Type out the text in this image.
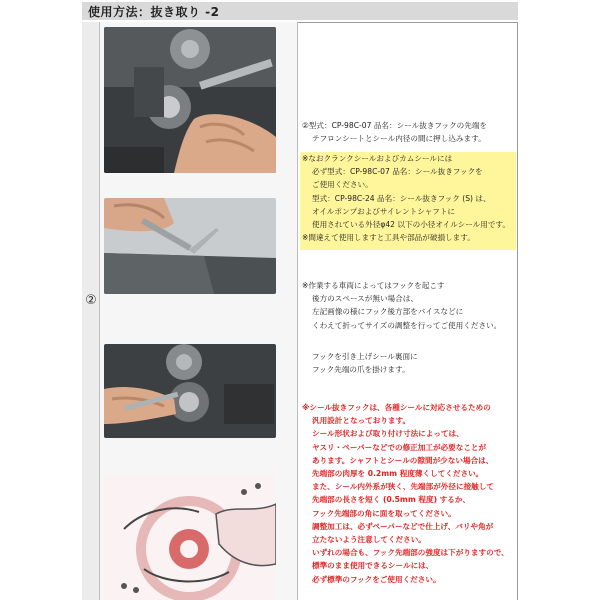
使用方法：抜き取り -2
②
②型式：CP-98C-07 品名：シール抜きフックの先端を
テフロンシートとシール内径の間に押し込みます。
※なおクランクシールおよびカムシールには
必ず型式：CP-98C-07 品名：シール抜きフックを
ご使用ください。
型式：CP-98C-24 品名：シール抜きフック (S) は、
オイルポンプおよびサイレントシャフトに
使用されている外径φ42 以下の小径オイルシール用です。
※間違えて使用しますと工具や部品が破損します。
※作業する車両によってはフックを起こす
後方のスペースが無い場合は、
左記画像の様にフック後方部をバイスなどに
くわえて折ってサイズの調整を行ってご使用ください。
フックを引き上げシール裏面に
フック先端の爪を掛けます。
※シール抜きフックは、各種シールに対応させるための
汎用設計となっております。
シール形状および取り付け寸法によっては、
ヤスリ・ペーパーなどでの修正加工が必要なことが
あります。シャフトとシールの隙間が少ない場合は、
先端部の肉厚を 0.2mm 程度薄くしてください。
また、シール内外系が狭く、先端部が外径に接触して
先端部の長さを短く (0.5mm 程度) するか、
フック先端部の角に面を取ってください。
調整加工は、必ずペーパーなどで仕上げ、バリや角が
立たないよう注意してください。
いずれの場合も、フック先端部の強度は下がりますので、
標準のまま使用できるシールには、
必ず標準のフックをご使用ください。
